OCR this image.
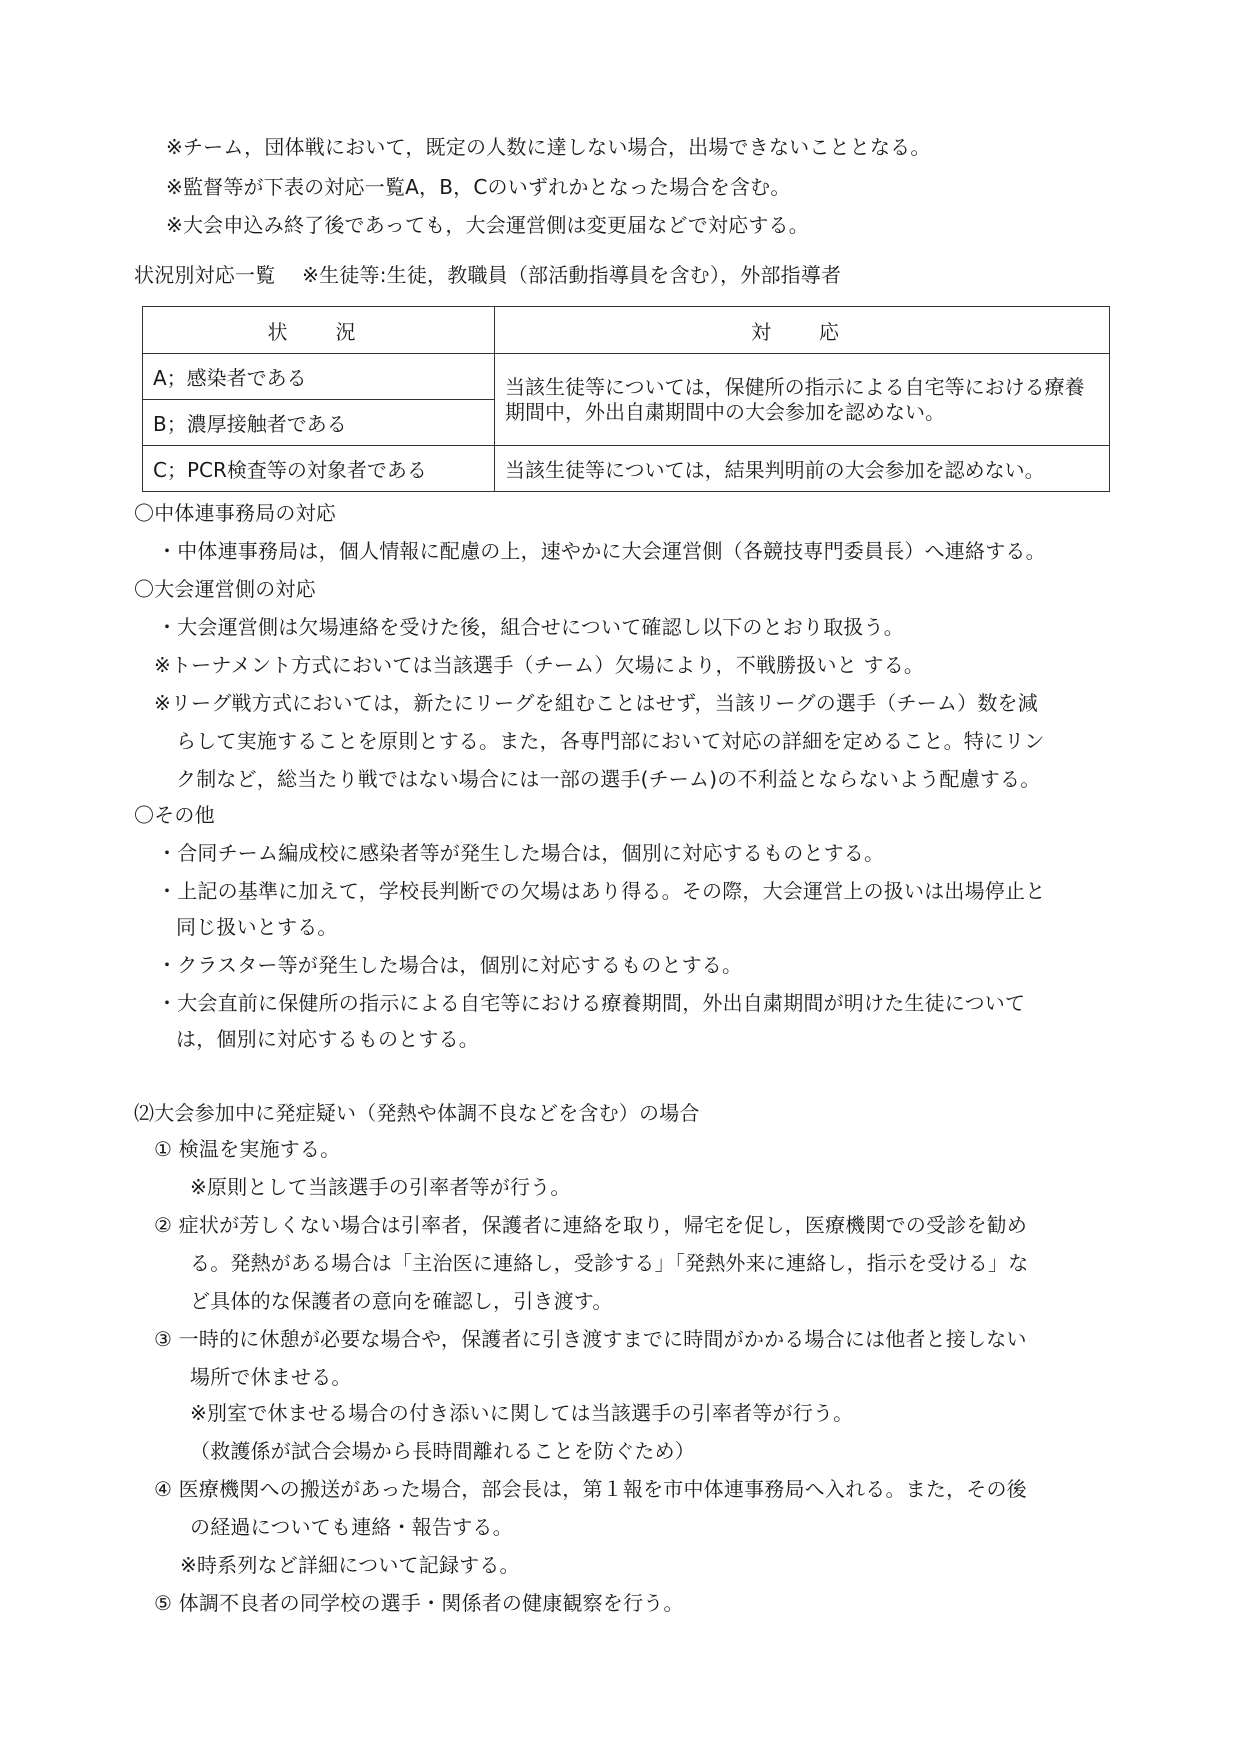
※チーム，団体戦において，既定の人数に達しない場合，出場できないこととなる。
※監督等が下表の対応一覧A，B，Cのいずれかとなった場合を含む。
※大会申込み終了後であっても，大会運営側は変更届などで対応する。
状況別対応一覧　 ※生徒等:生徒，教職員（部活動指導員を含む），外部指導者
状　況	対　応
A；感染者である	当該生徒等については，保健所の指示による自宅等における療養期間中，外出自粛期間中の大会参加を認めない。
B；濃厚接触者である	
C；PCR検査等の対象者である	当該生徒等については，結果判明前の大会参加を認めない。
〇中体連事務局の対応
・中体連事務局は，個人情報に配慮の上，速やかに大会運営側（各競技専門委員長）へ連絡する。
〇大会運営側の対応
・大会運営側は欠場連絡を受けた後，組合せについて確認し以下のとおり取扱う。
※トーナメント方式においては当該選手（チーム）欠場により，不戦勝扱いと する。
※リーグ戦方式においては，新たにリーグを組むことはせず，当該リーグの選手（チーム）数を減
らして実施することを原則とする。また，各専門部において対応の詳細を定めること。特にリン
ク制など，総当たり戦ではない場合には一部の選手(チーム)の不利益とならないよう配慮する。
〇その他
・合同チーム編成校に感染者等が発生した場合は，個別に対応するものとする。
・上記の基準に加えて，学校長判断での欠場はあり得る。その際，大会運営上の扱いは出場停止と
同じ扱いとする。
・クラスター等が発生した場合は，個別に対応するものとする。
・大会直前に保健所の指示による自宅等における療養期間，外出自粛期間が明けた生徒について
は，個別に対応するものとする。
⑵大会参加中に発症疑い（発熱や体調不良などを含む）の場合
① 検温を実施する。
※原則として当該選手の引率者等が行う。
② 症状が芳しくない場合は引率者，保護者に連絡を取り，帰宅を促し，医療機関での受診を勧め
る。発熱がある場合は「主治医に連絡し，受診する」「発熱外来に連絡し，指示を受ける」な
ど具体的な保護者の意向を確認し，引き渡す。
③ 一時的に休憩が必要な場合や，保護者に引き渡すまでに時間がかかる場合には他者と接しない
場所で休ませる。
※別室で休ませる場合の付き添いに関しては当該選手の引率者等が行う。
（救護係が試合会場から長時間離れることを防ぐため）
④ 医療機関への搬送があった場合，部会長は，第１報を市中体連事務局へ入れる。また，その後
の経過についても連絡・報告する。
※時系列など詳細について記録する。
⑤ 体調不良者の同学校の選手・関係者の健康観察を行う。
